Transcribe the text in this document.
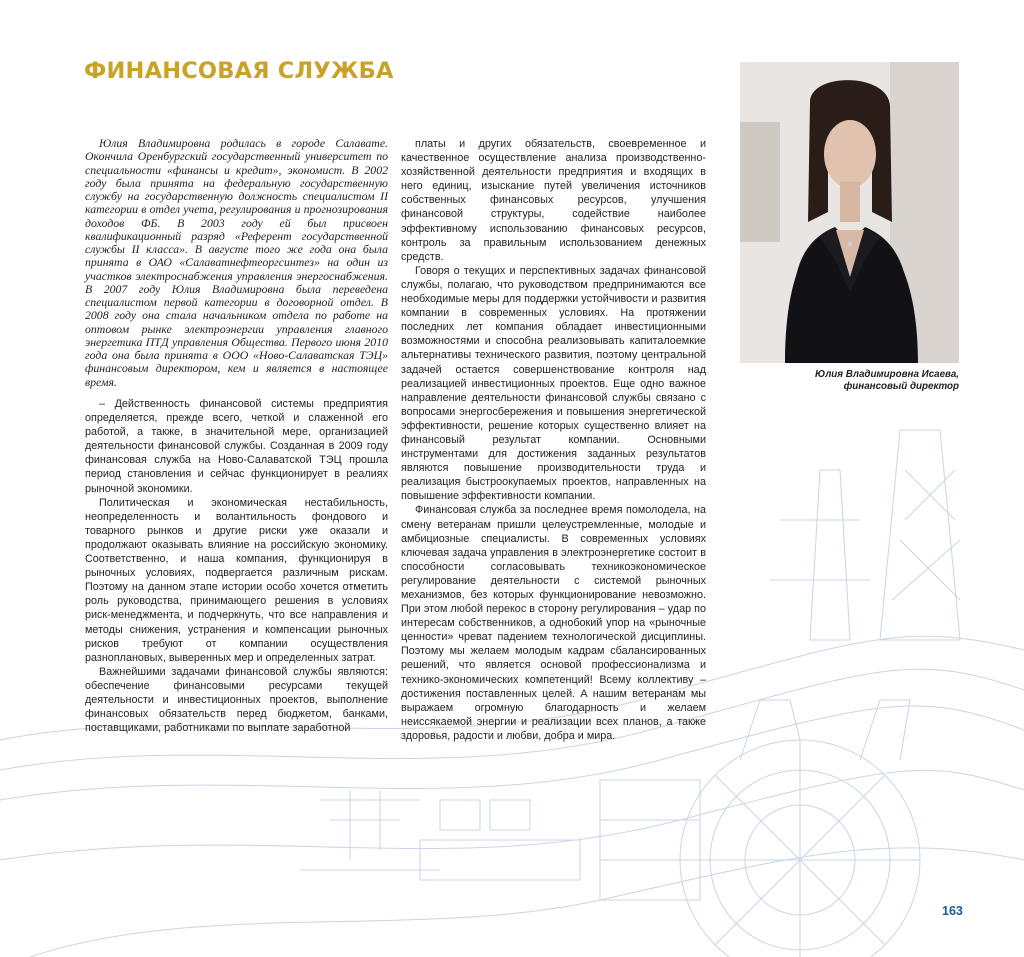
ФИНАНСОВАЯ СЛУЖБА

Юлия Владимировна родилась в городе Салавате. Окончила Оренбургский государственный университет по специальности «финансы и кредит», экономист. В 2002 году была принята на федеральную государственную службу на государственную должность специалистом II категории в отдел учета, регулирования и прогнозирования доходов ФБ. В 2003 году ей был присвоен квалификационный разряд «Референт государственной службы II класса». В августе того же года она была принята в ОАО «Салаватнефтеоргсинтез» на один из участков электроснабжения управления энергоснабжения. В 2007 году Юлия Владимировна была переведена специалистом первой категории в договорной отдел. В 2008 году она стала начальником отдела по работе на оптовом рынке электроэнергии управления главного энергетика ПТД управления Общества. Первого июня 2010 года она была принята в ООО «Ново-Салаватская ТЭЦ» финансовым директором, кем и является в настоящее время.

– Действенность финансовой системы предприятия определяется, прежде всего, четкой и слаженной его работой, а также, в значительной мере, организацией деятельности финансовой службы. Созданная в 2009 году финансовая служба на Ново-Салаватской ТЭЦ прошла период становления и сейчас функционирует в реалиях рыночной экономики.

Политическая и экономическая нестабильность, неопределенность и волантильность фондового и товарного рынков и другие риски уже оказали и продолжают оказывать влияние на российскую экономику. Соответственно, и наша компания, функционируя в рыночных условиях, подвергается различным рискам. Поэтому на данном этапе истории особо хочется отметить роль руководства, принимающего решения в условиях риск-менеджмента, и подчеркнуть, что все направления и методы снижения, устранения и компенсации рыночных рисков требуют от компании осуществления разноплановых, выверенных мер и определенных затрат.

Важнейшими задачами финансовой службы являются: обеспечение финансовыми ресурсами текущей деятельности и инвестиционных проектов, выполнение финансовых обязательств перед бюджетом, банками, поставщиками, работниками по выплате заработной

платы и других обязательств, своевременное и качественное осуществление анализа производственно-хозяйственной деятельности предприятия и входящих в него единиц, изыскание путей увеличения источников собственных финансовых ресурсов, улучшения финансовой структуры, содействие наиболее эффективному использованию финансовых ресурсов, контроль за правильным использованием денежных средств.

Говоря о текущих и перспективных задачах финансовой службы, полагаю, что руководством предпринимаются все необходимые меры для поддержки устойчивости и развития компании в современных условиях. На протяжении последних лет компания обладает инвестиционными возможностями и способна реализовывать капиталоемкие альтернативы технического развития, поэтому центральной задачей остается совершенствование контроля над реализацией инвестиционных проектов. Еще одно важное направление деятельности финансовой службы связано с вопросами энергосбережения и повышения энергетической эффективности, решение которых существенно влияет на финансовый результат компании. Основными инструментами для достижения заданных результатов являются повышение производительности труда и реализация быстроокупаемых проектов, направленных на повышение эффективности компании.

Финансовая служба за последнее время помолодела, на смену ветеранам пришли целеустремленные, молодые и амбициозные специалисты. В современных условиях ключевая задача управления в электроэнергетике состоит в способности согласовывать техникоэкономическое регулирование деятельности с системой рыночных механизмов, без которых функционирование невозможно. При этом любой перекос в сторону регулирования – удар по интересам собственников, а однобокий упор на «рыночные ценности» чреват падением технологической дисциплины. Поэтому мы желаем молодым кадрам сбалансированных решений, что является основой профессионализма и технико-экономических компетенций! Всему коллективу – достижения поставленных целей. А нашим ветеранам мы выражаем огромную благодарность и желаем неиссякаемой энергии и реализации всех планов, а также здоровья, радости и любви, добра и мира.

Юлия Владимировна Исаева,
финансовый директор
163
